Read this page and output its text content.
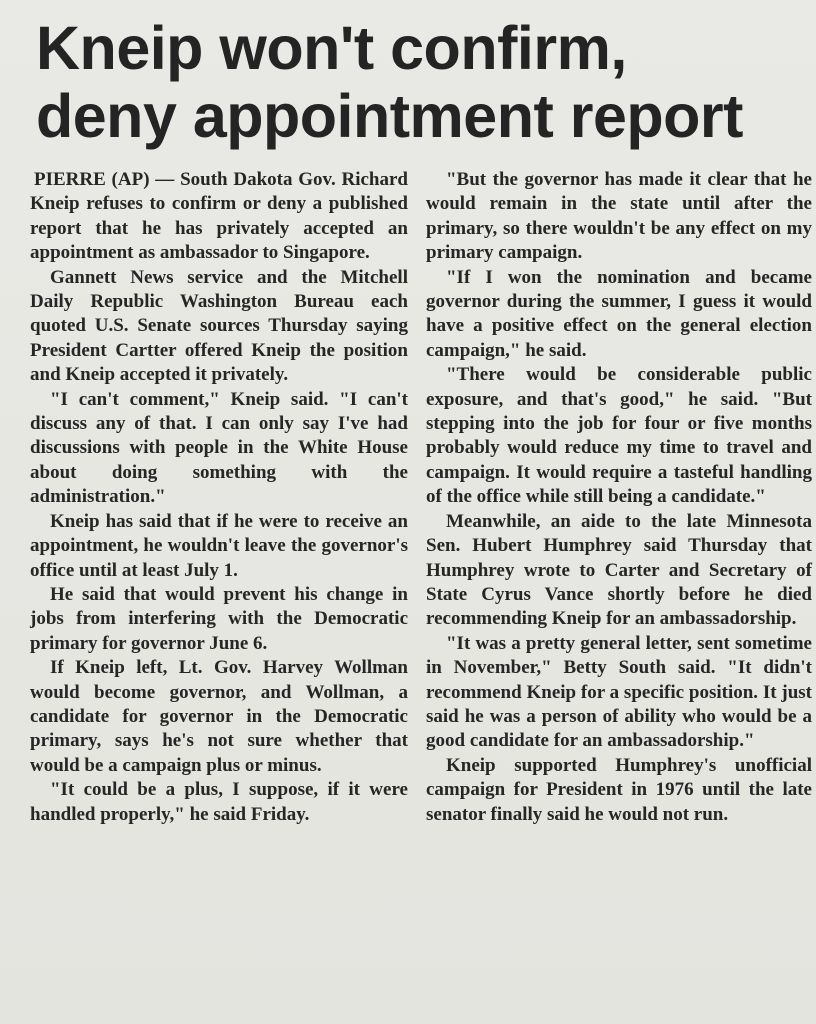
Kneip won't confirm,
deny appointment report

PIERRE (AP) — South Dakota Gov. Richard Kneip refuses to confirm or deny a published report that he has privately accepted an appointment as ambassador to Singapore.

Gannett News service and the Mitchell Daily Republic Washington Bureau each quoted U.S. Senate sources Thursday saying President Cartter offered Kneip the position and Kneip accepted it privately.

"I can't comment," Kneip said. "I can't discuss any of that. I can only say I've had discussions with people in the White House about doing something with the administration."

Kneip has said that if he were to receive an appointment, he wouldn't leave the governor's office until at least July 1.

He said that would prevent his change in jobs from interfering with the Democratic primary for governor June 6.

If Kneip left, Lt. Gov. Harvey Wollman would become governor, and Wollman, a candidate for governor in the Democratic primary, says he's not sure whether that would be a campaign plus or minus.

"It could be a plus, I suppose, if it were handled properly," he said Friday.

"But the governor has made it clear that he would remain in the state until after the primary, so there wouldn't be any effect on my primary campaign.

"If I won the nomination and became governor during the summer, I guess it would have a positive effect on the general election campaign," he said.

"There would be considerable public exposure, and that's good," he said. "But stepping into the job for four or five months probably would reduce my time to travel and campaign. It would require a tasteful handling of the office while still being a candidate."

Meanwhile, an aide to the late Minnesota Sen. Hubert Humphrey said Thursday that Humphrey wrote to Carter and Secretary of State Cyrus Vance shortly before he died recommending Kneip for an ambassadorship.

"It was a pretty general letter, sent sometime in November," Betty South said. "It didn't recommend Kneip for a specific position. It just said he was a person of ability who would be a good candidate for an ambassadorship."

Kneip supported Humphrey's unofficial campaign for President in 1976 until the late senator finally said he would not run.
